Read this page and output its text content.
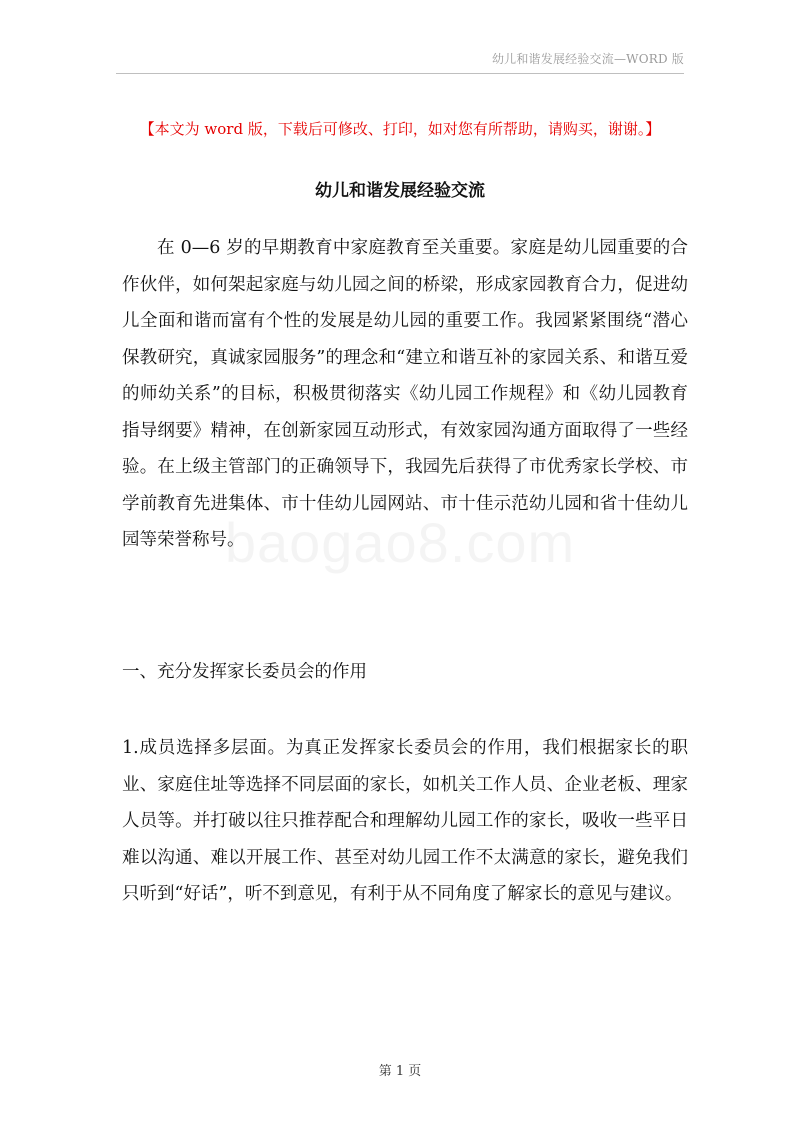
幼儿和谐发展经验交流—WORD 版
【本文为 word 版，下载后可修改、打印，如对您有所帮助，请购买，谢谢。】
幼儿和谐发展经验交流
在 0—6 岁的早期教育中家庭教育至关重要。家庭是幼儿园重要的合作伙伴，如何架起家庭与幼儿园之间的桥梁，形成家园教育合力，促进幼儿全面和谐而富有个性的发展是幼儿园的重要工作。我园紧紧围绕“潜心保教研究，真诚家园服务”的理念和“建立和谐互补的家园关系、和谐互爱的师幼关系”的目标，积极贯彻落实《幼儿园工作规程》和《幼儿园教育指导纲要》精神，在创新家园互动形式，有效家园沟通方面取得了一些经验。在上级主管部门的正确领导下，我园先后获得了市优秀家长学校、市学前教育先进集体、市十佳幼儿园网站、市十佳示范幼儿园和省十佳幼儿园等荣誉称号。
一、充分发挥家长委员会的作用
1.成员选择多层面。为真正发挥家长委员会的作用，我们根据家长的职业、家庭住址等选择不同层面的家长，如机关工作人员、企业老板、理家人员等。并打破以往只推荐配合和理解幼儿园工作的家长，吸收一些平日难以沟通、难以开展工作、甚至对幼儿园工作不太满意的家长，避免我们只听到“好话”，听不到意见，有利于从不同角度了解家长的意见与建议。
第 1 页
